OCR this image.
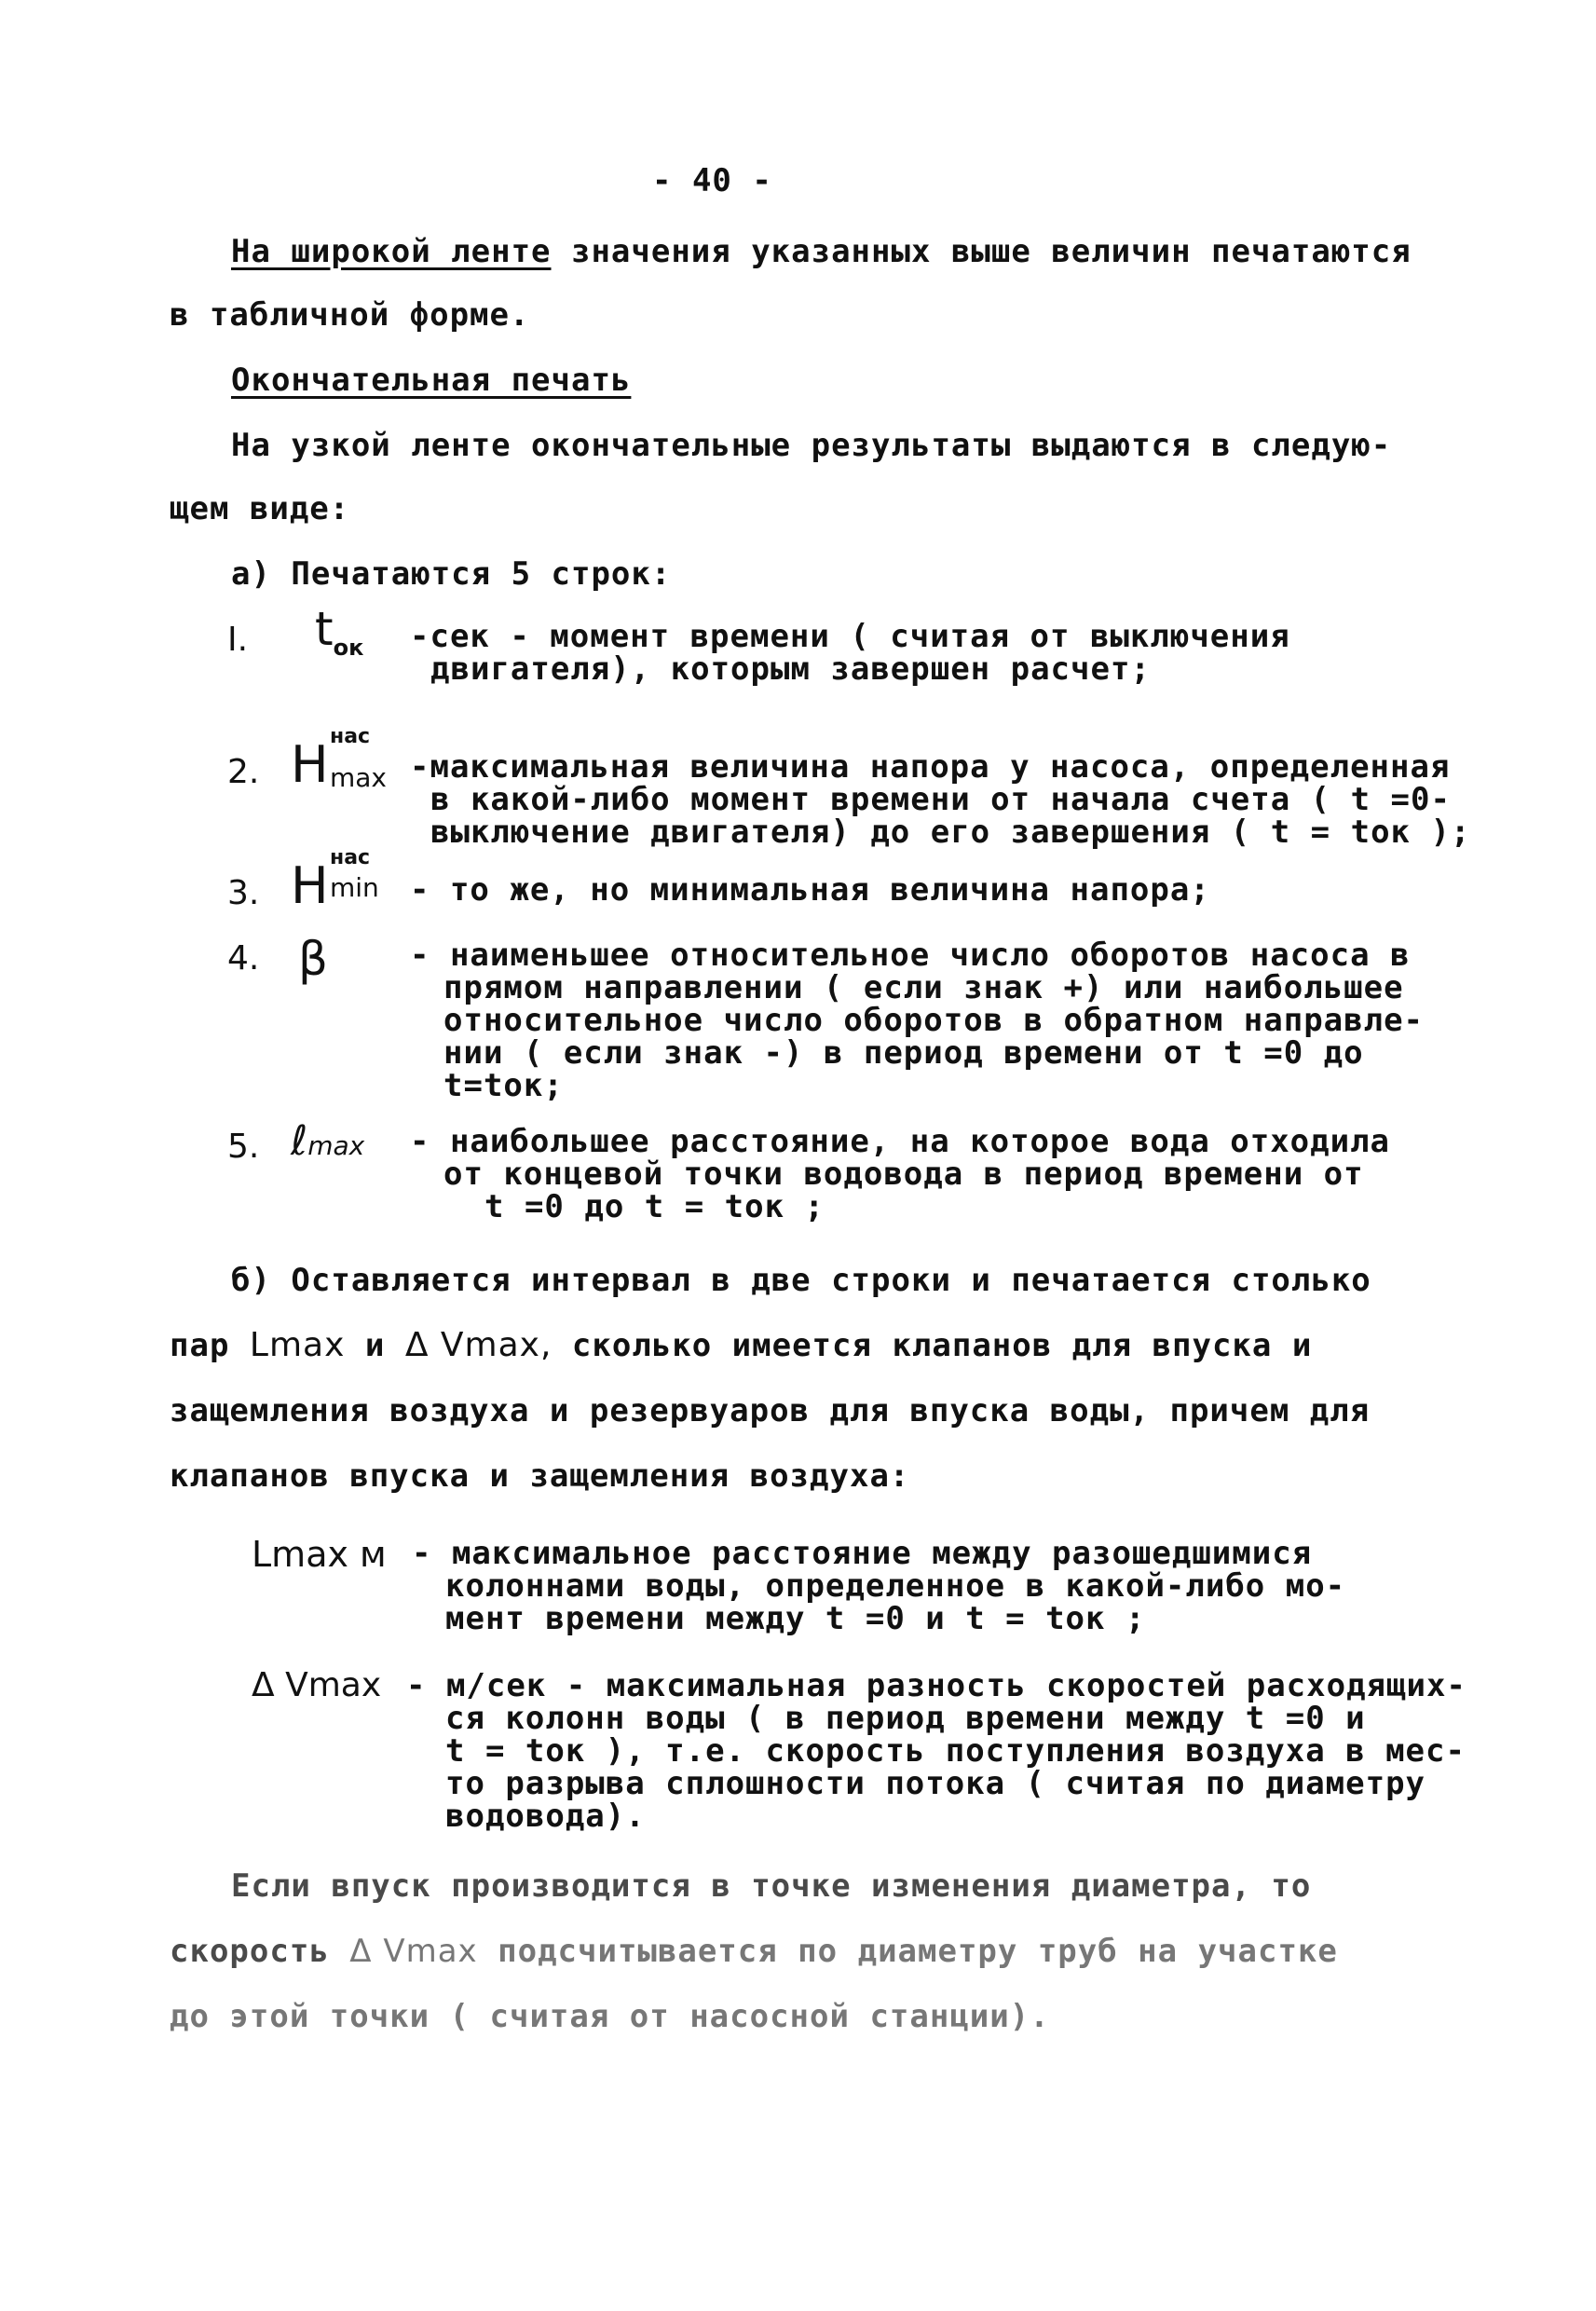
- 40 -
На широкой ленте значения указанных выше величин печатаются
в табличной форме.
Окончательная печать
На узкой ленте окончательные результаты выдаются в следую-
щем виде:
а) Печатаются 5 строк:
I. $t_{ок}$ -сек - момент времени ( считая от выключения
двигателя), которым завершен расчет;
2. H нас
max -максимальная величина напора у насоса, определенная
в какой-либо момент времени от начала счета ( t =0-
выключение двигателя) до его завершения ( t = tок );
3. H нас
min - то же, но минимальная величина напора;
4. β	- наименьшее относительное число оборотов насоса в
прямом направлении ( если знак +) или наибольшее
относительное число оборотов в обратном направле-
нии ( если знак -) в период времени от t =0 до
t=tок;
5. ℓmax - наибольшее расстояние, на которое вода отходила
от концевой точки водовода в период времени от
t =0 до t = tок ;
б) Оставляется интервал в две строки и печатается столько
пар Lmax и Δ Vmax, сколько имеется клапанов для впуска и
защемления воздуха и резервуаров для впуска воды, причем для
клапанов впуска и защемления воздуха:
Lmax м - максимальное расстояние между разошедшимися
колоннами воды, определенное в какой-либо мо-
мент времени между t =0 и t = tок ;
Δ Vmax - м/сек - максимальная разность скоростей расходящих-
ся колонн воды ( в период времени между t =0 и
t = tок ), т.е. скорость поступления воздуха в мес-
то разрыва сплошности потока ( считая по диаметру
водовода).
Если впуск производится в точке изменения диаметра, то
скорость Δ Vmax подсчитывается по диаметру труб на участке
до этой точки ( считая от насосной станции).
